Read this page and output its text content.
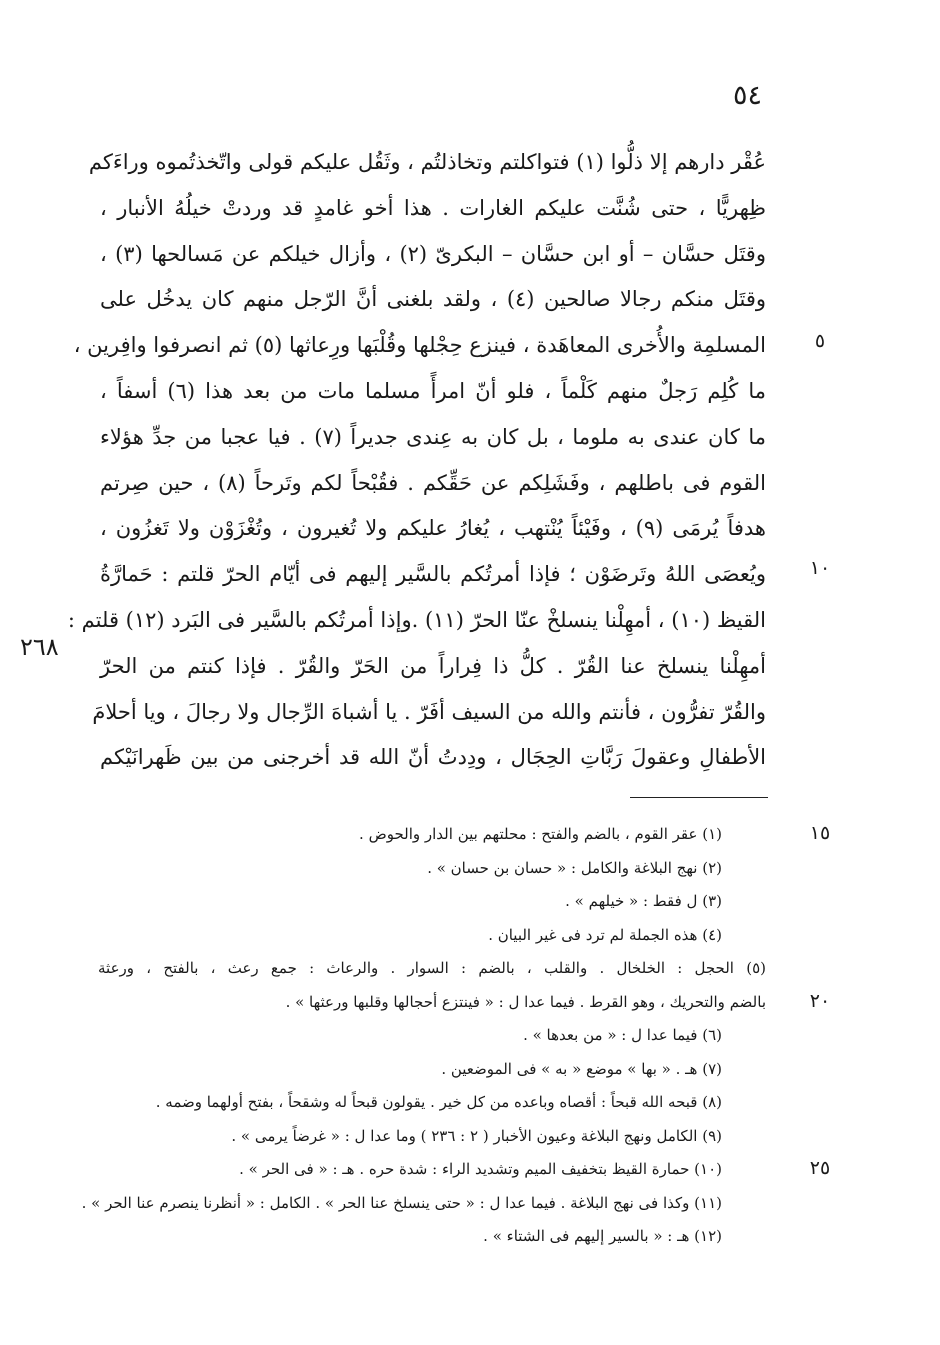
٥٤
عُقْر دارهم إلا ذلُّوا (١) فتواكلتم وتخاذلتُم ، وثَقُل عليكم قولى واتّخذتُموه وراءَكم
ظِهريًّا ، حتى شُنَّت عليكم الغارات . هذا أخو غامدٍ قد وردتْ خيلُهُ الأنبار ،
وقتَل حسَّان – أو ابن حسَّان – البكرىّ (٢) ، وأزال خيلكم عن مَسالحها (٣) ،
وقتَل منكم رجالا صالحين (٤) ، ولقد بلغنى أنَّ الرّجل منهم كان يدخُل على
المسلمِة والأُخرى المعاهَدة ، فينزع حِجْلها وقُلْبَها ورِعاثها (٥) ثم انصرفوا وافِرين ،
ما كُلِم رَجلٌ منهم كَلْماً ، فلو أنّ امرأً مسلما مات من بعد هذا (٦) أسفاً ،
ما كان عندى به ملوما ، بل كان به عِندى جديراً (٧) . فيا عجبا من جدِّ هؤلاء
القوم فى باطلهم ، وفَشَلِكم عن حَقِّكم . فقُبْحاً لكم وتَرحاً (٨) ، حين صِرتم
هدفاً يُرمَى (٩) ، وفَيْئاً يُنْتهب ، يُغارُ عليكم ولا تُغيرون ، وتُغْزَوْن ولا تَغزُون ،
ويُعصَى اللهُ وتَرضَوْن ؛ فإذا أمرتُكم بالسَّير إليهم فى أيّام الحرّ قلتم : حَمارَّةُ
القيظ (١٠) ، أمهِلْنا ينسلخْ عنّا الحرّ (١١) .وإذا أمرتُكم بالسَّير فى البَرد (١٢) قلتم :
أمهِلْنا ينسلخ عنا القُرّ . كلُّ ذا فِراراً من الحَرّ والقُرّ . فإذا كنتم من الحرّ
والقُرّ تفرُّون ، فأنتم والله من السيف أفَرّ . يا أشباهَ الرِّجال ولا رجالَ ، ويا أحلامَ
الأطفالِ وعقولَ رَبَّاتِ الحِجَال ، ودِدتُ أنّ الله قد أخرجنى من بين ظَهرانَيْكم
٥
١٠
٢٦٨
١٥
٢٠
٢٥
(١) عقر القوم ، بالضم والفتح : محلتهم بين الدار والحوض .
(٢) نهج البلاغة والكامل : « حسان بن حسان » .
(٣) ل فقط : « خيلهم » .
(٤) هذه الجملة لم ترد فى غير البيان .
(٥) الحجل : الخلخال . والقلب ، بالضم : السوار . والرعاث : جمع رعث ، بالفتح ، ورعثة
بالضم والتحريك ، وهو القرط . فيما عدا ل : « فينتزع أحجالها وقلبها ورعثها » .
(٦) فيما عدا ل : « من بعدها » .
(٧) هـ . « بها » موضع « به » فى الموضعين .
(٨) قبحه الله قبحاً : أقصاه وباعده من كل خير . يقولون قبحاً له وشقحاً ، بفتح أولهما وضمه .
(٩) الكامل ونهج البلاغة وعيون الأخبار ( ٢ : ٢٣٦ ) وما عدا ل : « غرضاً يرمى » .
(١٠) حمارة القيظ بتخفيف الميم وتشديد الراء : شدة حره . هـ : « فى الحر » .
(١١) وكذا فى نهج البلاغة . فيما عدا ل : « حتى ينسلخ عنا الحر » . الكامل : « أنظرنا ينصرم عنا الحر » .
(١٢) هـ : « بالسير إليهم فى الشتاء » .
